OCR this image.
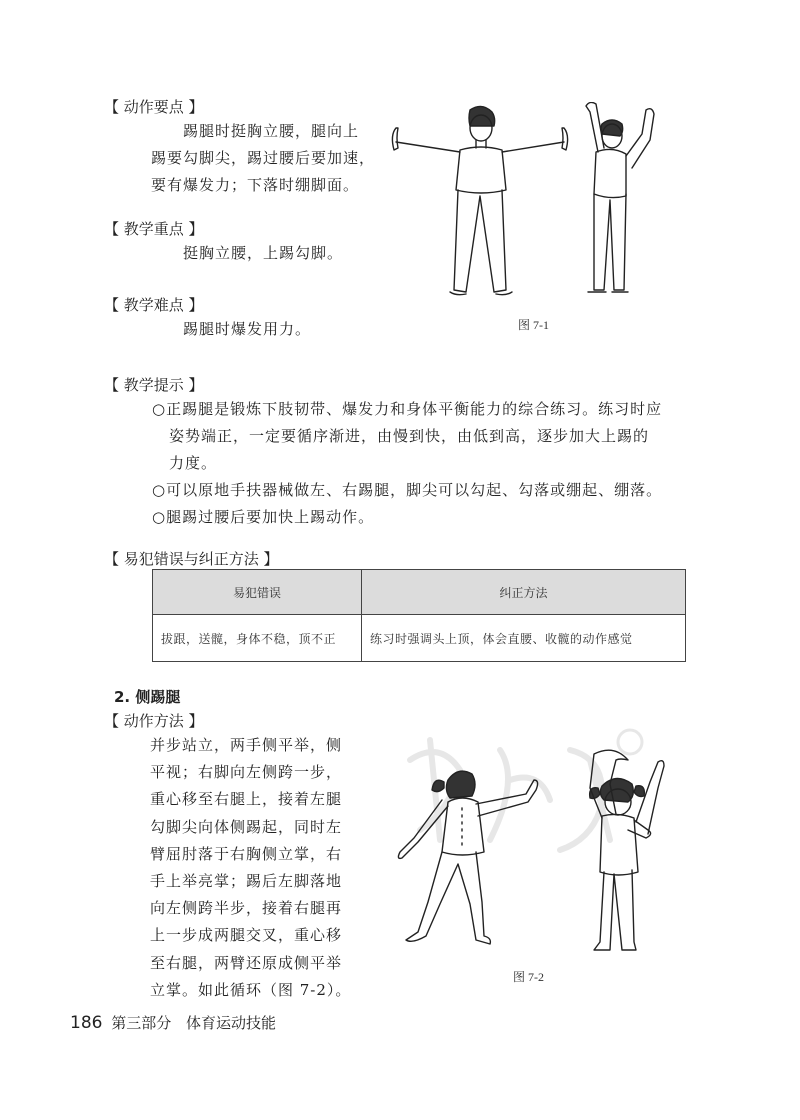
【 动作要点 】
踢腿时挺胸立腰，腿向上
踢要勾脚尖，踢过腰后要加速，
要有爆发力；下落时绷脚面。
【 教学重点 】
挺胸立腰，上踢勾脚。
【 教学难点 】
踢腿时爆发用力。	图 7-1
【 教学提示 】
○正踢腿是锻炼下肢韧带、爆发力和身体平衡能力的综合练习。练习时应
姿势端正，一定要循序渐进，由慢到快，由低到高，逐步加大上踢的
力度。
○可以原地手扶器械做左、右踢腿，脚尖可以勾起、勾落或绷起、绷落。
○腿踢过腰后要加快上踢动作。
【 易犯错误与纠正方法 】
易犯错误	纠正方法
拔跟，送髋，身体不稳，顶不正	练习时强调头上顶，体会直腰、收髋的动作感觉
2. 侧踢腿
【 动作方法 】
并步站立，两手侧平举，侧
平视；右脚向左侧跨一步，
重心移至右腿上，接着左腿
勾脚尖向体侧踢起，同时左
臂屈肘落于右胸侧立掌，右
手上举亮掌；踢后左脚落地
向左侧跨半步，接着右腿再
上一步成两腿交叉，重心移
至右腿，两臂还原成侧平举
立掌。如此循环（图 7-2）。
图 7-2
186 第三部分 体育运动技能
